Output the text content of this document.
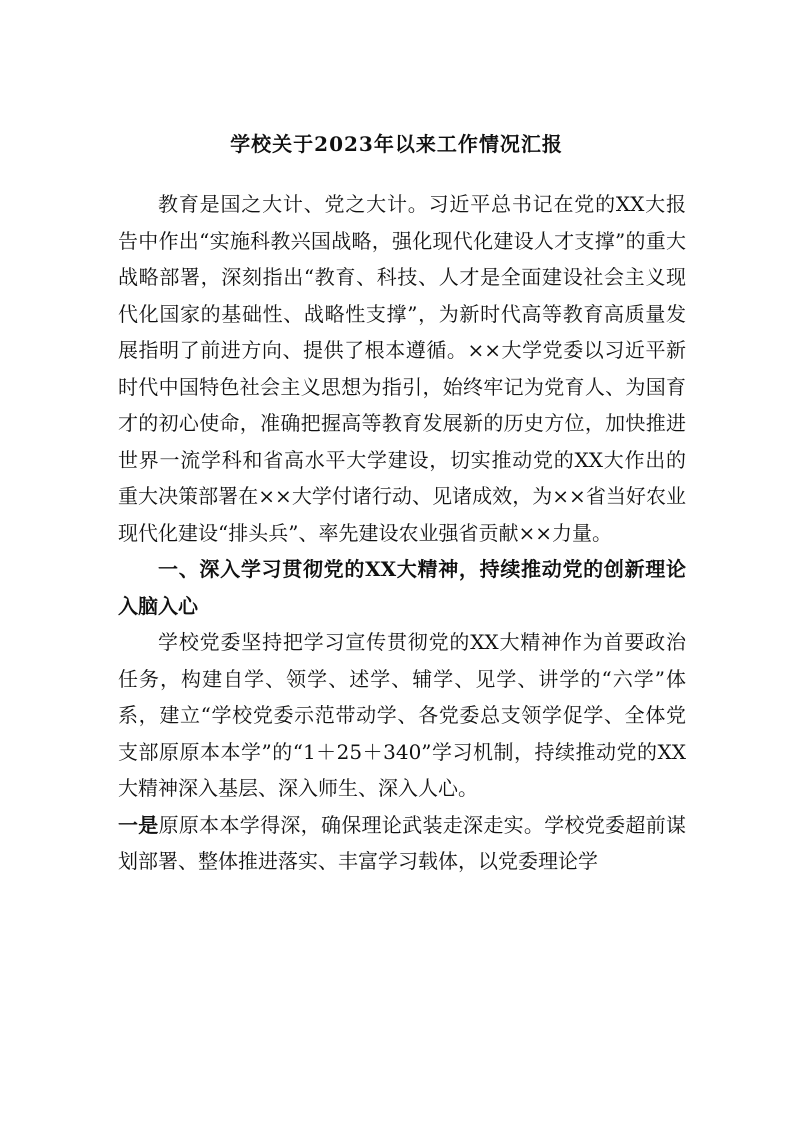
学校关于2023年以来工作情况汇报

教育是国之大计、党之大计。习近平总书记在党的XX大报告中作出“实施科教兴国战略，强化现代化建设人才支撑”的重大战略部署，深刻指出“教育、科技、人才是全面建设社会主义现代化国家的基础性、战略性支撑”，为新时代高等教育高质量发展指明了前进方向、提供了根本遵循。××大学党委以习近平新时代中国特色社会主义思想为指引，始终牢记为党育人、为国育才的初心使命，准确把握高等教育发展新的历史方位，加快推进世界一流学科和省高水平大学建设，切实推动党的XX大作出的重大决策部署在××大学付诸行动、见诸成效，为××省当好农业现代化建设“排头兵”、率先建设农业强省贡献××力量。

一、深入学习贯彻党的XX大精神，持续推动党的创新理论入脑入心

学校党委坚持把学习宣传贯彻党的XX大精神作为首要政治任务，构建自学、领学、述学、辅学、见学、讲学的“六学”体系，建立“学校党委示范带动学、各党委总支领学促学、全体党支部原原本本学”的“1＋25＋340”学习机制，持续推动党的XX大精神深入基层、深入师生、深入人心。

一是原原本本学得深，确保理论武装走深走实。学校党委超前谋划部署、整体推进落实、丰富学习载体，以党委理论学
